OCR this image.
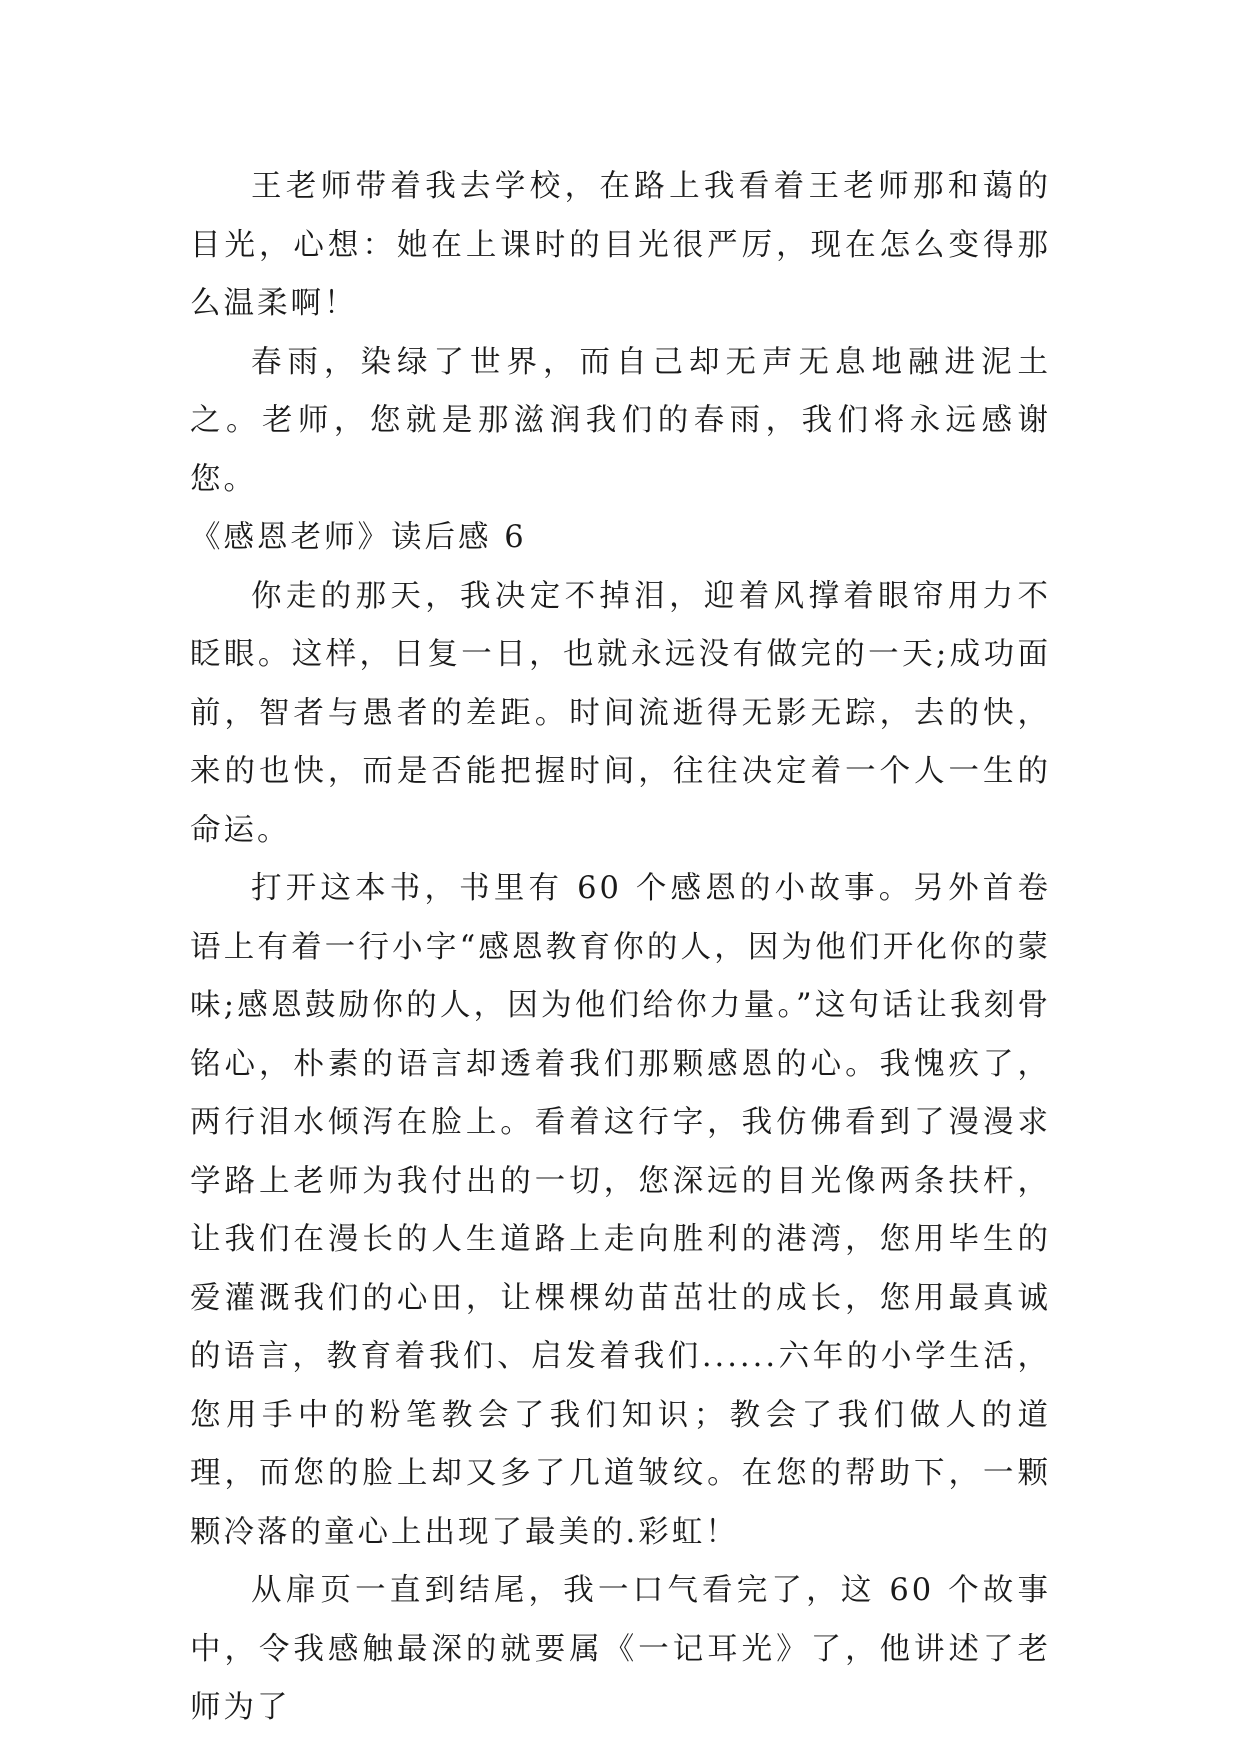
王老师带着我去学校，在路上我看着王老师那和蔼的目光，心想：她在上课时的目光很严厉，现在怎么变得那么温柔啊！

春雨，染绿了世界，而自己却无声无息地融进泥土之。老师，您就是那滋润我们的春雨，我们将永远感谢您。

《感恩老师》读后感 6

你走的那天，我决定不掉泪，迎着风撑着眼帘用力不眨眼。这样，日复一日，也就永远没有做完的一天;成功面前，智者与愚者的差距。时间流逝得无影无踪，去的快，来的也快，而是否能把握时间，往往决定着一个人一生的命运。

打开这本书，书里有 60 个感恩的小故事。另外首卷语上有着一行小字“感恩教育你的人，因为他们开化你的蒙味;感恩鼓励你的人，因为他们给你力量。”这句话让我刻骨铭心，朴素的语言却透着我们那颗感恩的心。我愧疚了，两行泪水倾泻在脸上。看着这行字，我仿佛看到了漫漫求学路上老师为我付出的一切，您深远的目光像两条扶杆，让我们在漫长的人生道路上走向胜利的港湾，您用毕生的爱灌溉我们的心田，让棵棵幼苗茁壮的成长，您用最真诚的语言，教育着我们、启发着我们......六年的小学生活，您用手中的粉笔教会了我们知识；教会了我们做人的道理，而您的脸上却又多了几道皱纹。在您的帮助下，一颗颗冷落的童心上出现了最美的.彩虹！

从扉页一直到结尾，我一口气看完了，这 60 个故事中，令我感触最深的就要属《一记耳光》了，他讲述了老师为了
